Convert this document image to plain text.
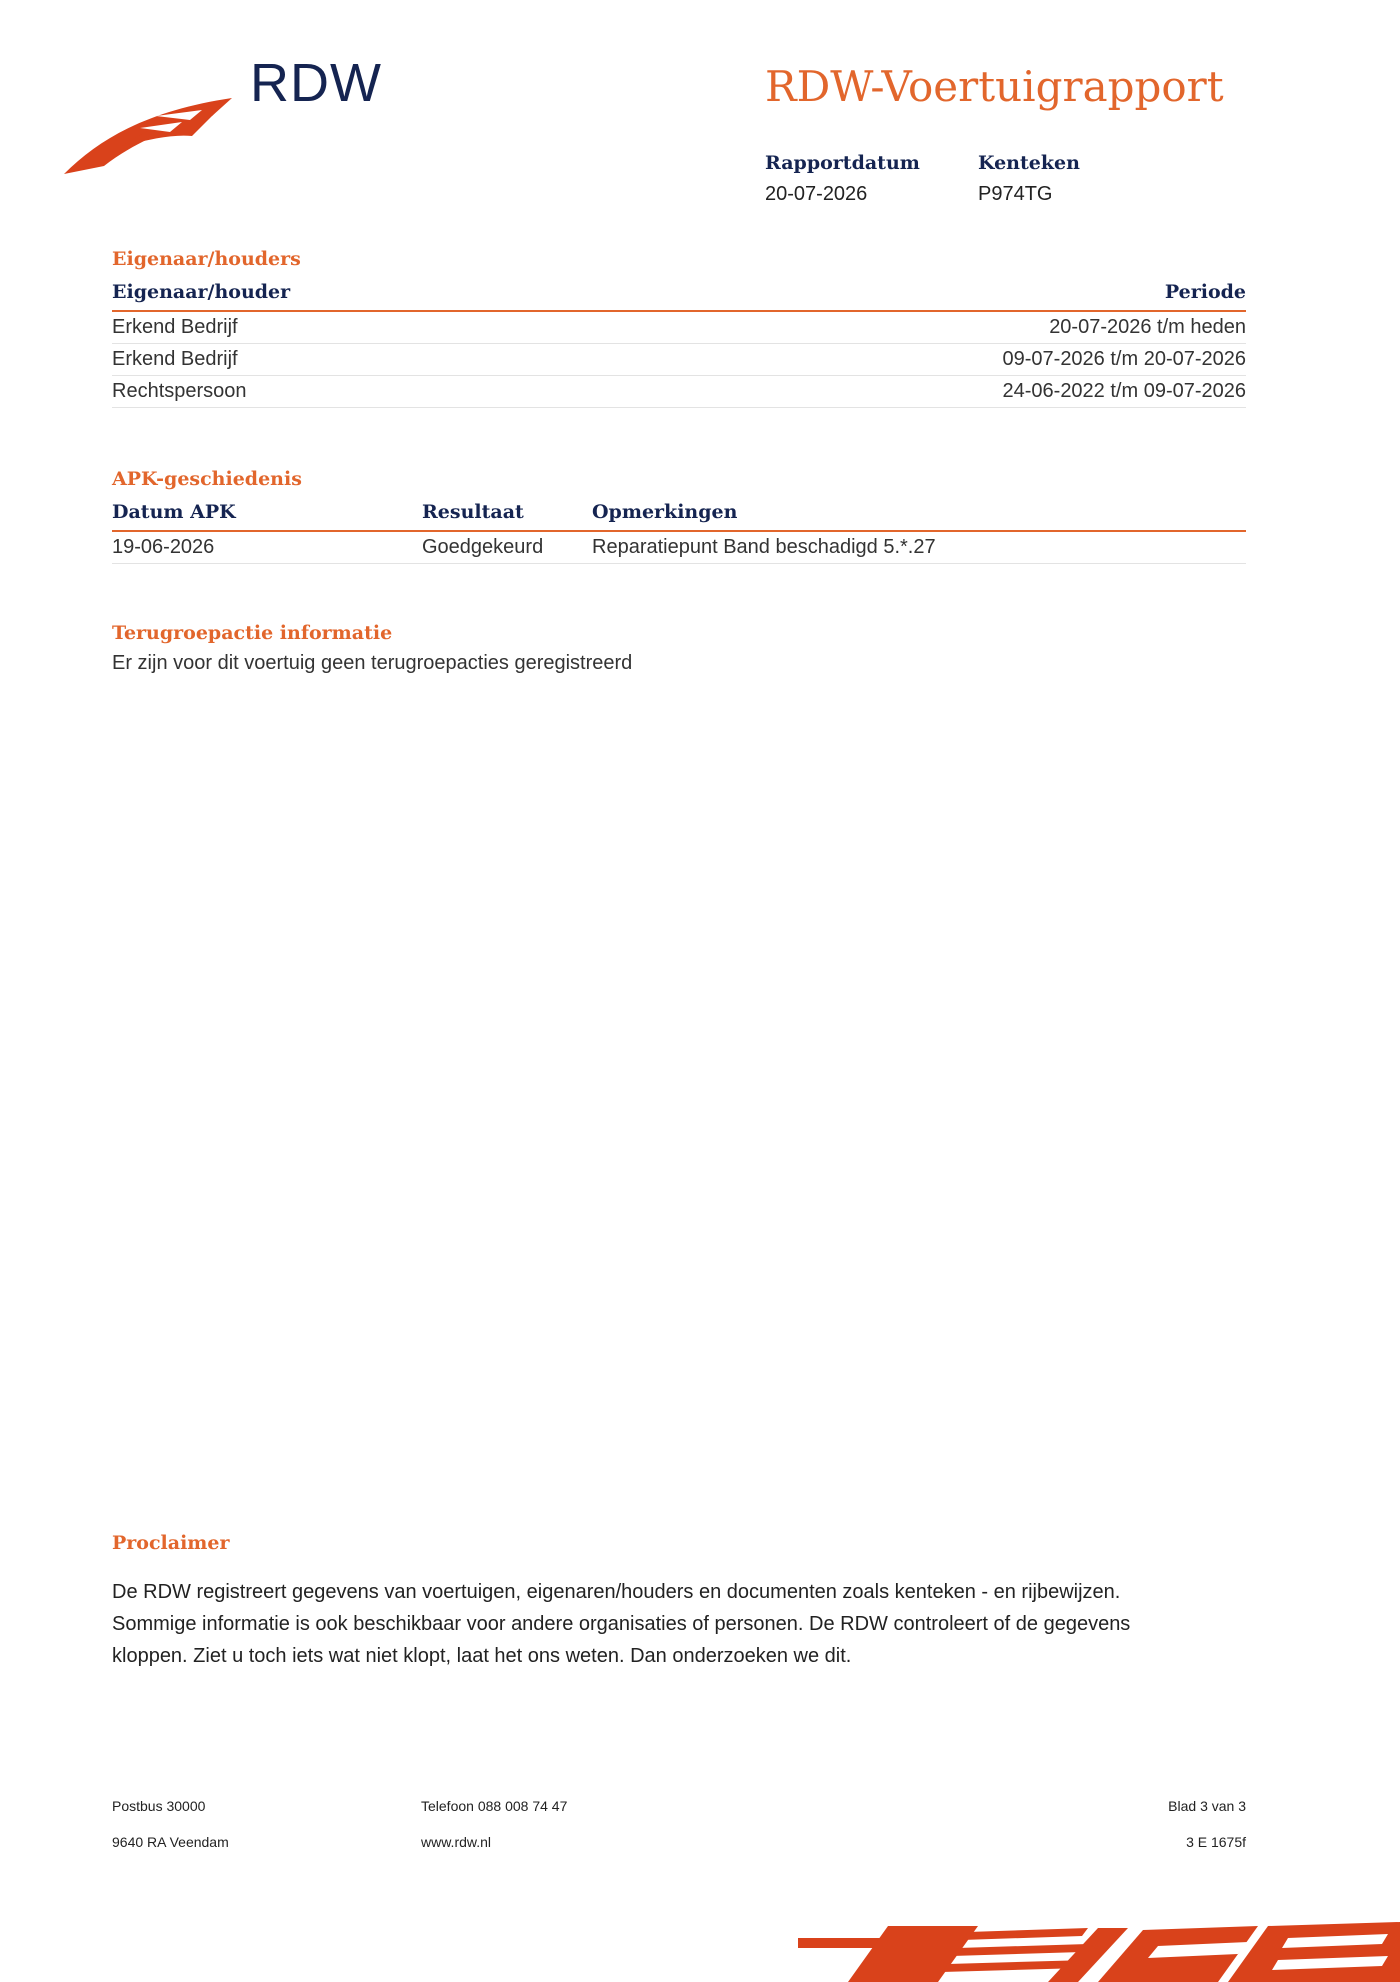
RDW	RDW-Voertuigrapport
Rapportdatum
20-07-2026
Kenteken
P974TG
Eigenaar/houders
Eigenaar/houder	Periode
Erkend Bedrijf	20-07-2026 t/m heden
Erkend Bedrijf	09-07-2026 t/m 20-07-2026
Rechtspersoon	24-06-2022 t/m 09-07-2026
APK-geschiedenis
Datum APK	Resultaat	Opmerkingen
19-06-2026	Goedgekeurd	Reparatiepunt Band beschadigd 5.*.27
Terugroepactie informatie
Er zijn voor dit voertuig geen terugroepacties geregistreerd
Proclaimer
De RDW registreert gegevens van voertuigen, eigenaren/houders en documenten zoals kenteken - en rijbewijzen.
Sommige informatie is ook beschikbaar voor andere organisaties of personen. De RDW controleert of de gegevens
kloppen. Ziet u toch iets wat niet klopt, laat het ons weten. Dan onderzoeken we dit.
Postbus 30000
9640 RA Veendam
Telefoon 088 008 74 47
www.rdw.nl
Blad 3 van 3
3 E 1675f
